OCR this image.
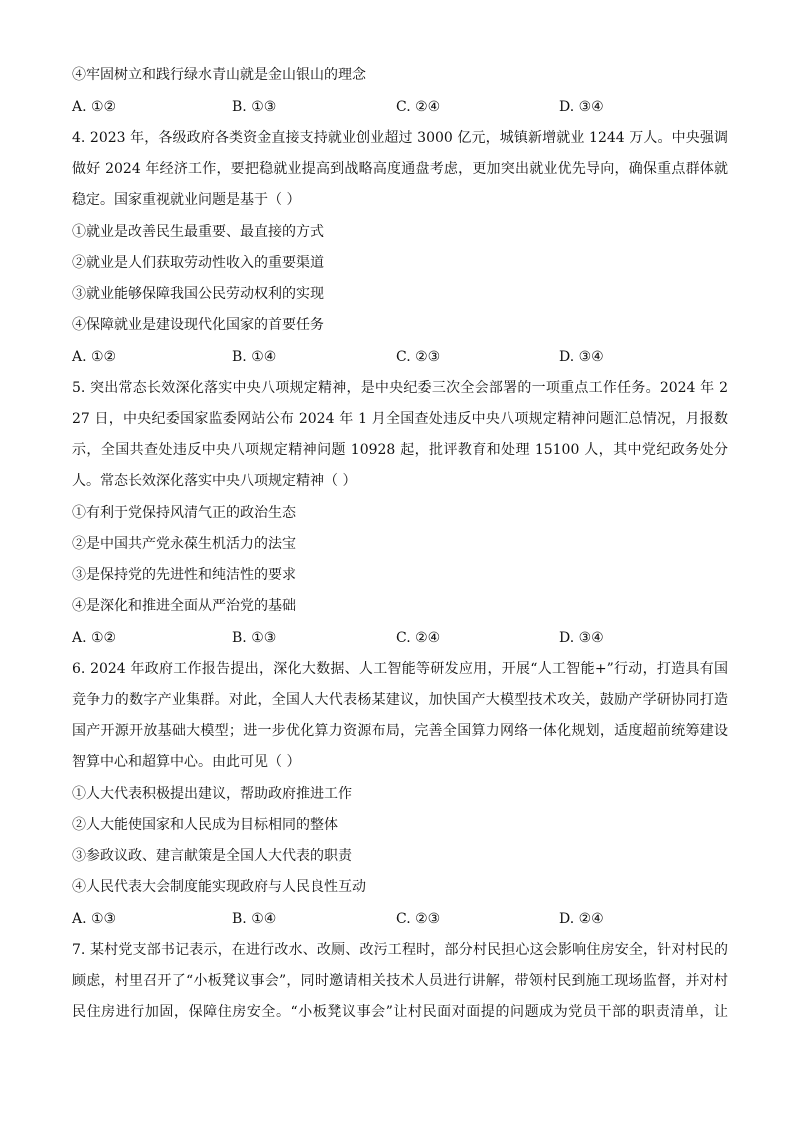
④牢固树立和践行绿水青山就是金山银山的理念
A. ①②	B. ①③	C. ②④	D. ③④
4. 2023 年，各级政府各类资金直接支持就业创业超过 3000 亿元，城镇新增就业 1244 万人。中央强调
做好 2024 年经济工作，要把稳就业提高到战略高度通盘考虑，更加突出就业优先导向，确保重点群体就
稳定。国家重视就业问题是基于（ ）
①就业是改善民生最重要、最直接的方式
②就业是人们获取劳动性收入的重要渠道
③就业能够保障我国公民劳动权利的实现
④保障就业是建设现代化国家的首要任务
A. ①②	B. ①④	C. ②③	D. ③④
5. 突出常态长效深化落实中央八项规定精神，是中央纪委三次全会部署的一项重点工作任务。2024 年 2
27 日，中央纪委国家监委网站公布 2024 年 1 月全国查处违反中央八项规定精神问题汇总情况，月报数
示，全国共查处违反中央八项规定精神问题 10928 起，批评教育和处理 15100 人，其中党纪政务处分
人。常态长效深化落实中央八项规定精神（ ）
①有利于党保持风清气正的政治生态
②是中国共产党永葆生机活力的法宝
③是保持党的先进性和纯洁性的要求
④是深化和推进全面从严治党的基础
A. ①②	B. ①③	C. ②④	D. ③④
6. 2024 年政府工作报告提出，深化大数据、人工智能等研发应用，开展“人工智能+”行动，打造具有国
竞争力的数字产业集群。对此，全国人大代表杨某建议，加快国产大模型技术攻关，鼓励产学研协同打造
国产开源开放基础大模型；进一步优化算力资源布局，完善全国算力网络一体化规划，适度超前统筹建设
智算中心和超算中心。由此可见（ ）
①人大代表积极提出建议，帮助政府推进工作
②人大能使国家和人民成为目标相同的整体
③参政议政、建言献策是全国人大代表的职责
④人民代表大会制度能实现政府与人民良性互动
A. ①③	B. ①④	C. ②③	D. ②④
7. 某村党支部书记表示，在进行改水、改厕、改污工程时，部分村民担心这会影响住房安全，针对村民的
顾虑，村里召开了“小板凳议事会”，同时邀请相关技术人员进行讲解，带领村民到施工现场监督，并对村
民住房进行加固，保障住房安全。“小板凳议事会”让村民面对面提的问题成为党员干部的职责清单，让
